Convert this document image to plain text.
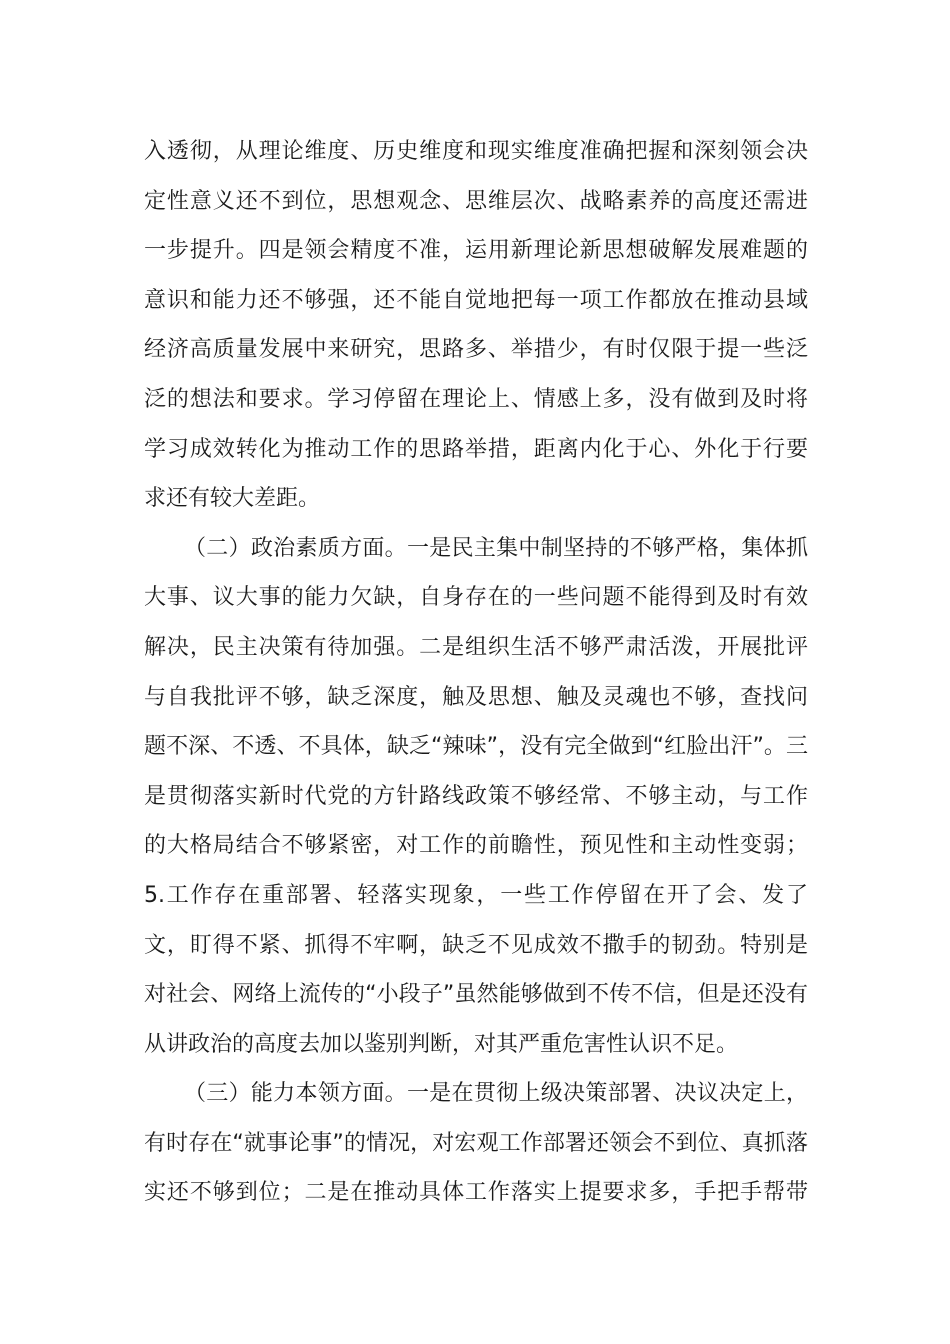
入透彻，从理论维度、历史维度和现实维度准确把握和深刻领会决
定性意义还不到位，思想观念、思维层次、战略素养的高度还需进
一步提升。四是领会精度不准，运用新理论新思想破解发展难题的
意识和能力还不够强，还不能自觉地把每一项工作都放在推动县域
经济高质量发展中来研究，思路多、举措少，有时仅限于提一些泛
泛的想法和要求。学习停留在理论上、情感上多，没有做到及时将
学习成效转化为推动工作的思路举措，距离内化于心、外化于行要
求还有较大差距。
（二）政治素质方面。一是民主集中制坚持的不够严格，集体抓
大事、议大事的能力欠缺，自身存在的一些问题不能得到及时有效
解决，民主决策有待加强。二是组织生活不够严肃活泼，开展批评
与自我批评不够，缺乏深度，触及思想、触及灵魂也不够，查找问
题不深、不透、不具体，缺乏“辣味”，没有完全做到“红脸出汗”。三
是贯彻落实新时代党的方针路线政策不够经常、不够主动，与工作
的大格局结合不够紧密，对工作的前瞻性，预见性和主动性变弱；
5.工作存在重部署、轻落实现象，一些工作停留在开了会、发了
文，盯得不紧、抓得不牢啊，缺乏不见成效不撒手的韧劲。特别是
对社会、网络上流传的“小段子”虽然能够做到不传不信，但是还没有
从讲政治的高度去加以鉴别判断，对其严重危害性认识不足。
（三）能力本领方面。一是在贯彻上级决策部署、决议决定上，
有时存在“就事论事”的情况，对宏观工作部署还领会不到位、真抓落
实还不够到位；二是在推动具体工作落实上提要求多，手把手帮带
